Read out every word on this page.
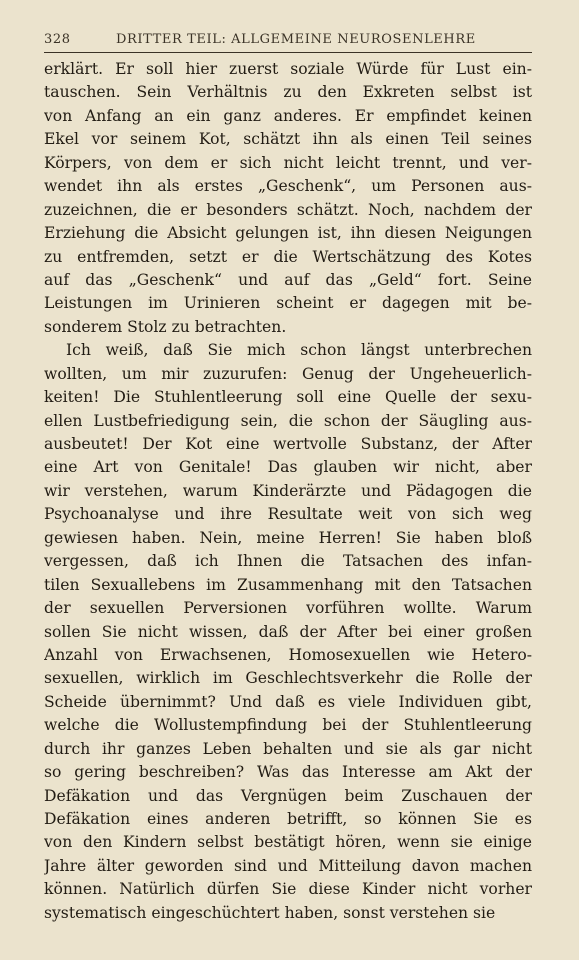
328	DRITTER TEIL: ALLGEMEINE NEUROSENLEHRE
erklärt. Er soll hier zuerst soziale Würde für Lust ein-
tauschen. Sein Verhältnis zu den Exkreten selbst ist
von Anfang an ein ganz anderes. Er empfindet keinen
Ekel vor seinem Kot, schätzt ihn als einen Teil seines
Körpers, von dem er sich nicht leicht trennt, und ver-
wendet ihn als erstes „Geschenk“, um Personen aus-
zuzeichnen, die er besonders schätzt. Noch, nachdem der
Erziehung die Absicht gelungen ist, ihn diesen Neigungen
zu entfremden, setzt er die Wertschätzung des Kotes
auf das „Geschenk“ und auf das „Geld“ fort. Seine
Leistungen im Urinieren scheint er dagegen mit be-
sonderem Stolz zu betrachten.
Ich weiß, daß Sie mich schon längst unterbrechen
wollten, um mir zuzurufen: Genug der Ungeheuerlich-
keiten! Die Stuhlentleerung soll eine Quelle der sexu-
ellen Lustbefriedigung sein, die schon der Säugling aus-
ausbeutet! Der Kot eine wertvolle Substanz, der After
eine Art von Genitale! Das glauben wir nicht, aber
wir verstehen, warum Kinderärzte und Pädagogen die
Psychoanalyse und ihre Resultate weit von sich weg
gewiesen haben. Nein, meine Herren! Sie haben bloß
vergessen, daß ich Ihnen die Tatsachen des infan-
tilen Sexuallebens im Zusammenhang mit den Tatsachen
der sexuellen Perversionen vorführen wollte. Warum
sollen Sie nicht wissen, daß der After bei einer großen
Anzahl von Erwachsenen, Homosexuellen wie Hetero-
sexuellen, wirklich im Geschlechtsverkehr die Rolle der
Scheide übernimmt? Und daß es viele Individuen gibt,
welche die Wollustempfindung bei der Stuhlentleerung
durch ihr ganzes Leben behalten und sie als gar nicht
so gering beschreiben? Was das Interesse am Akt der
Defäkation und das Vergnügen beim Zuschauen der
Defäkation eines anderen betrifft, so können Sie es
von den Kindern selbst bestätigt hören, wenn sie einige
Jahre älter geworden sind und Mitteilung davon machen
können. Natürlich dürfen Sie diese Kinder nicht vorher
systematisch eingeschüchtert haben, sonst verstehen sie
